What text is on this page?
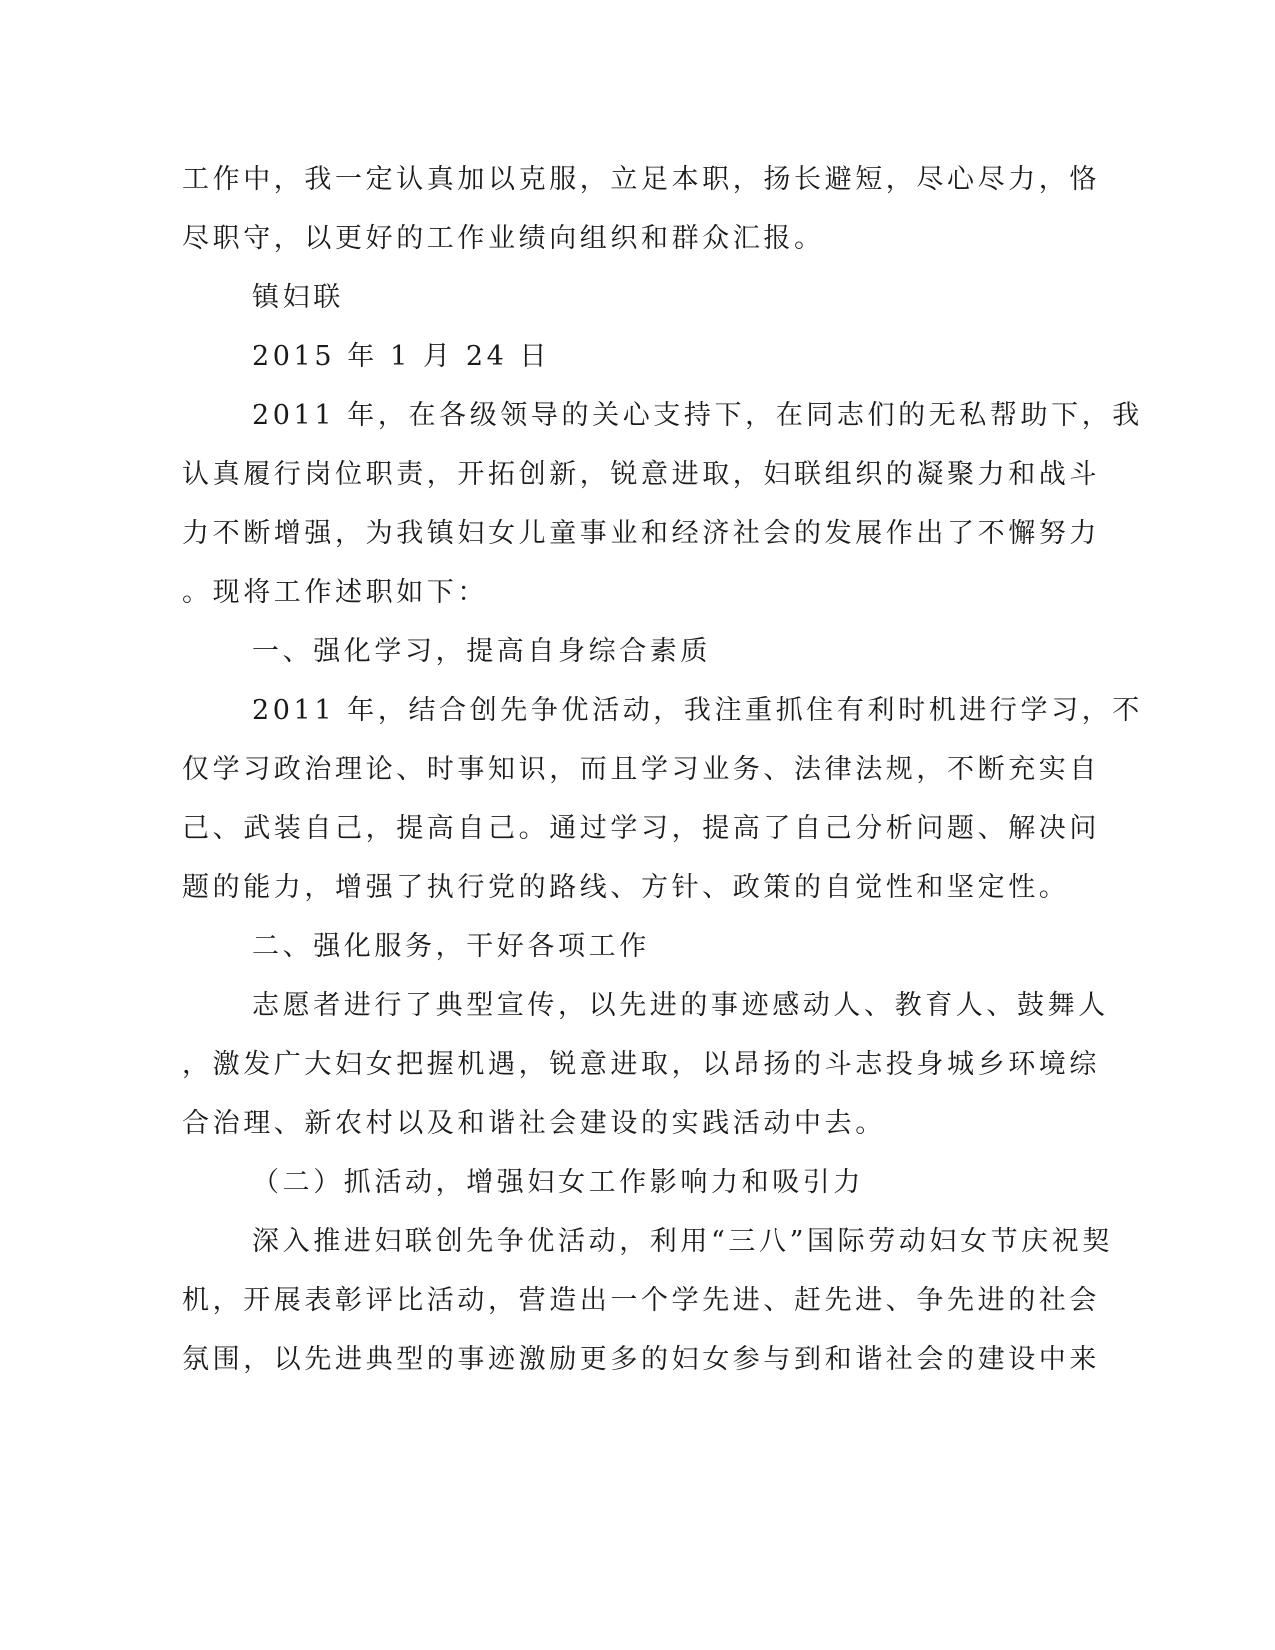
工作中，我一定认真加以克服，立足本职，扬长避短，尽心尽力，恪
尽职守，以更好的工作业绩向组织和群众汇报。
镇妇联
2015 年 1 月 24 日
2011 年，在各级领导的关心支持下，在同志们的无私帮助下，我
认真履行岗位职责，开拓创新，锐意进取，妇联组织的凝聚力和战斗
力不断增强，为我镇妇女儿童事业和经济社会的发展作出了不懈努力
。现将工作述职如下：
一、强化学习，提高自身综合素质
2011 年，结合创先争优活动，我注重抓住有利时机进行学习，不
仅学习政治理论、时事知识，而且学习业务、法律法规，不断充实自
己、武装自己，提高自己。通过学习，提高了自己分析问题、解决问
题的能力，增强了执行党的路线、方针、政策的自觉性和坚定性。
二、强化服务，干好各项工作
志愿者进行了典型宣传，以先进的事迹感动人、教育人、鼓舞人
，激发广大妇女把握机遇，锐意进取，以昂扬的斗志投身城乡环境综
合治理、新农村以及和谐社会建设的实践活动中去。
（二）抓活动，增强妇女工作影响力和吸引力
深入推进妇联创先争优活动，利用“三八”国际劳动妇女节庆祝契
机，开展表彰评比活动，营造出一个学先进、赶先进、争先进的社会
氛围，以先进典型的事迹激励更多的妇女参与到和谐社会的建设中来
